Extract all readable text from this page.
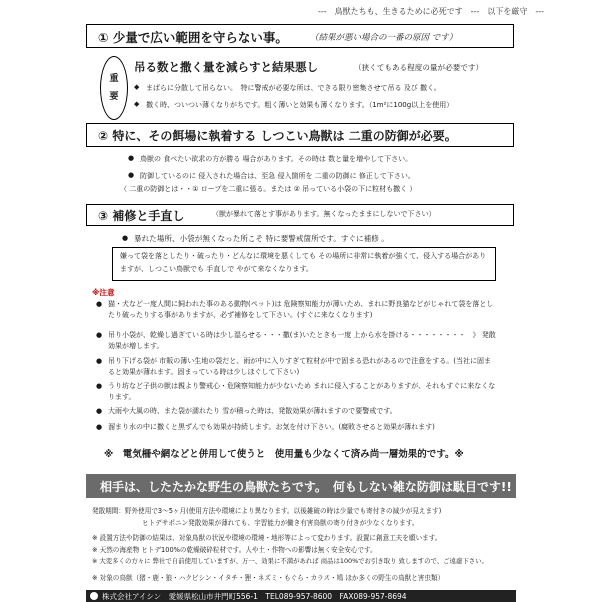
---　鳥獣たちも、生きるために必死です　---　以下を厳守　---
① 少量で広い範囲を守らない事。	（結果が悪い場合の一番の原因 です）
重
要
吊る数と撒く量を減らすと結果悪し	（狭くてもある程度の量が必要です）
◆ まばらに分散して吊らない。　特に警戒が必要な所は、できる限り密集させて吊る 及び 撒く。
◆ 撒く時、ついつい薄くなりがちです。粗く薄いと効果も薄くなります。（1m²に100g以上を使用）
② 特に、その餌場に執着する しつこい鳥獣は 二重の防御が必要。
● 鳥獣の 食べたい欲求の方が勝る 場合があります。その時は 数と量を増やして下さい。
● 防御しているのに 侵入された場合は、至急 侵入箇所を 二重の防御に 修正して下さい。
（ 二重の防御とは・・① ロープを二重に張る。または ② 吊っている小袋の下に粒材も撒く ）
③ 補修と手直し	（獣が暴れて落とす事があります。無くなったままにしないで下さい）
● 暴れた場所、小袋が無くなった所こそ 特に要警戒箇所です。すぐに補修 。
嫌って袋を落としたり・破ったり・どんなに環境を悪くしても その場所に非常に執着が強くて、侵入する場合がありますが、しつこい鳥獣でも 手直しで やがて来なくなります。
※注意
● 猫・犬など一度人間に飼われた事のある動物(ペット)は 危険察知能力が薄いため、まれに野良猫などがじゃれて袋を落としたり破ったりする事がありますが、必ず補修をして下さい。(すぐに来なくなります)
● 吊り小袋が、乾燥し過ぎている時は少し湿らせる・・・撒(ま)いたときも一度 上から水を掛ける・・・・・・・・　》 発散効果が増します。
● 吊り下げる袋が 市販の薄い生地の袋だと、雨が中に入りすぎて粒材が中で固まる恐れがあるので注意をする。(当社に固まると効果が薄れます。固まっている時は少しほぐして下さい)
● うり坊など子供の獣は親より警戒心・危険察知能力が少ないため まれに侵入することがありますが、それもすぐに来なくなります。
● 大雨や大風の時、また袋が濡れたり 雪が積った時は、発散効果が薄れますので要警戒です。
● 溜まり水の中に撒くと黒ずんでも効果が持続します。お気を付け下さい。(腐敗させると効果が薄れます)
※　電気柵や網などと併用して使うと　使用量も少なくて済み尚一層効果的です。※
相手は、したたかな野生の鳥獣たちです。　何もしない雑な防御は駄目です!!
発散期間：野外使用で3～5ヶ月(使用方法や環境により異なります。以後雑破の時は少量でも寄付きの減少が見えます)
ヒトデサポニン発散効果が薄れても、宇習能力が働き有害鳥獣の寄り付きが少なくなります。
※ 設置方法や防御の結果は、対象鳥獣の状況や環境の環境・地形等によって変わります。設置に創意工夫を願います。
※ 天然の海産物 ヒトデ100%の乾燥破砕粒材です。人や土・作物への影響は無く安全安心です。
※ 大変多くの方々に 弊社で自前使用していますが、万一、効果に不満があれば 商品は100%でお引き取り 致しますので、ご遠慮下さい。
※ 対象の鳥獣（猪・鹿・狼・ハクビシン・イタチ・狸・ネズミ・もぐら・カラス・鳩 ほか多くの野生の鳥獣と害虫類）
株式会社アイシン　愛媛県松山市井門町556-1　TEL089-957-8600　FAX089-957-8694
